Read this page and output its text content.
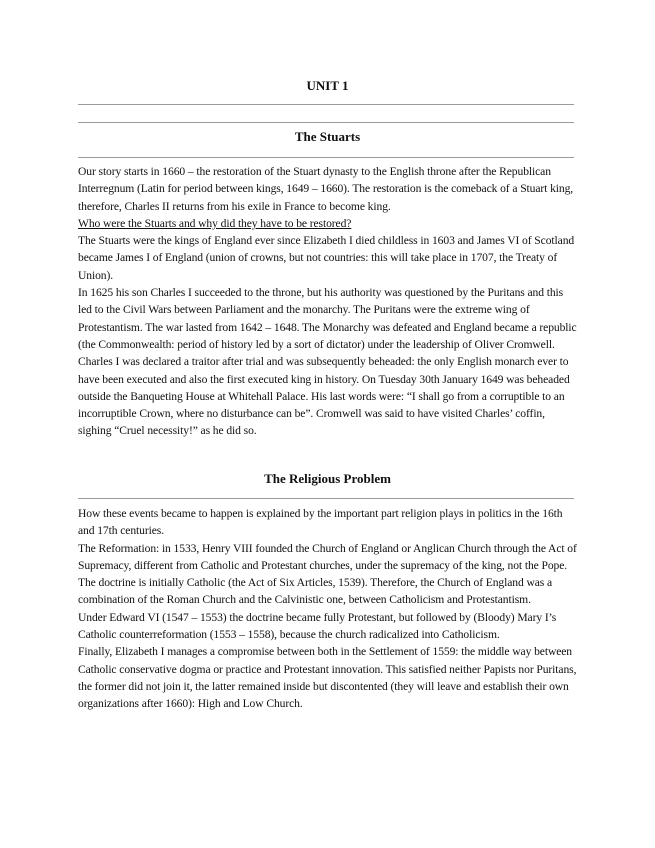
UNIT 1
The Stuarts

Our story starts in 1660 – the restoration of the Stuart dynasty to the English throne after the Republican Interregnum (Latin for period between kings, 1649 – 1660). The restoration is the comeback of a Stuart king, therefore, Charles II returns from his exile in France to become king.

Who were the Stuarts and why did they have to be restored?

The Stuarts were the kings of England ever since Elizabeth I died childless in 1603 and James VI of Scotland became James I of England (union of crowns, but not countries: this will take place in 1707, the Treaty of Union).

In 1625 his son Charles I succeeded to the throne, but his authority was questioned by the Puritans and this led to the Civil Wars between Parliament and the monarchy. The Puritans were the extreme wing of Protestantism. The war lasted from 1642 – 1648. The Monarchy was defeated and England became a republic (the Commonwealth: period of history led by a sort of dictator) under the leadership of Oliver Cromwell.

Charles I was declared a traitor after trial and was subsequently beheaded: the only English monarch ever to have been executed and also the first executed king in history. On Tuesday 30th January 1649 was beheaded outside the Banqueting House at Whitehall Palace. His last words were: “I shall go from a corruptible to an incorruptible Crown, where no disturbance can be”. Cromwell was said to have visited Charles’ coffin, sighing “Cruel necessity!” as he did so.

The Religious Problem

How these events became to happen is explained by the important part religion plays in politics in the 16th and 17th centuries.

The Reformation: in 1533, Henry VIII founded the Church of England or Anglican Church through the Act of Supremacy, different from Catholic and Protestant churches, under the supremacy of the king, not the Pope. The doctrine is initially Catholic (the Act of Six Articles, 1539). Therefore, the Church of England was a combination of the Roman Church and the Calvinistic one, between Catholicism and Protestantism.

Under Edward VI (1547 – 1553) the doctrine became fully Protestant, but followed by (Bloody) Mary I’s Catholic counterreformation (1553 – 1558), because the church radicalized into Catholicism.

Finally, Elizabeth I manages a compromise between both in the Settlement of 1559: the middle way between Catholic conservative dogma or practice and Protestant innovation. This satisfied neither Papists nor Puritans, the former did not join it, the latter remained inside but discontented (they will leave and establish their own organizations after 1660): High and Low Church.
